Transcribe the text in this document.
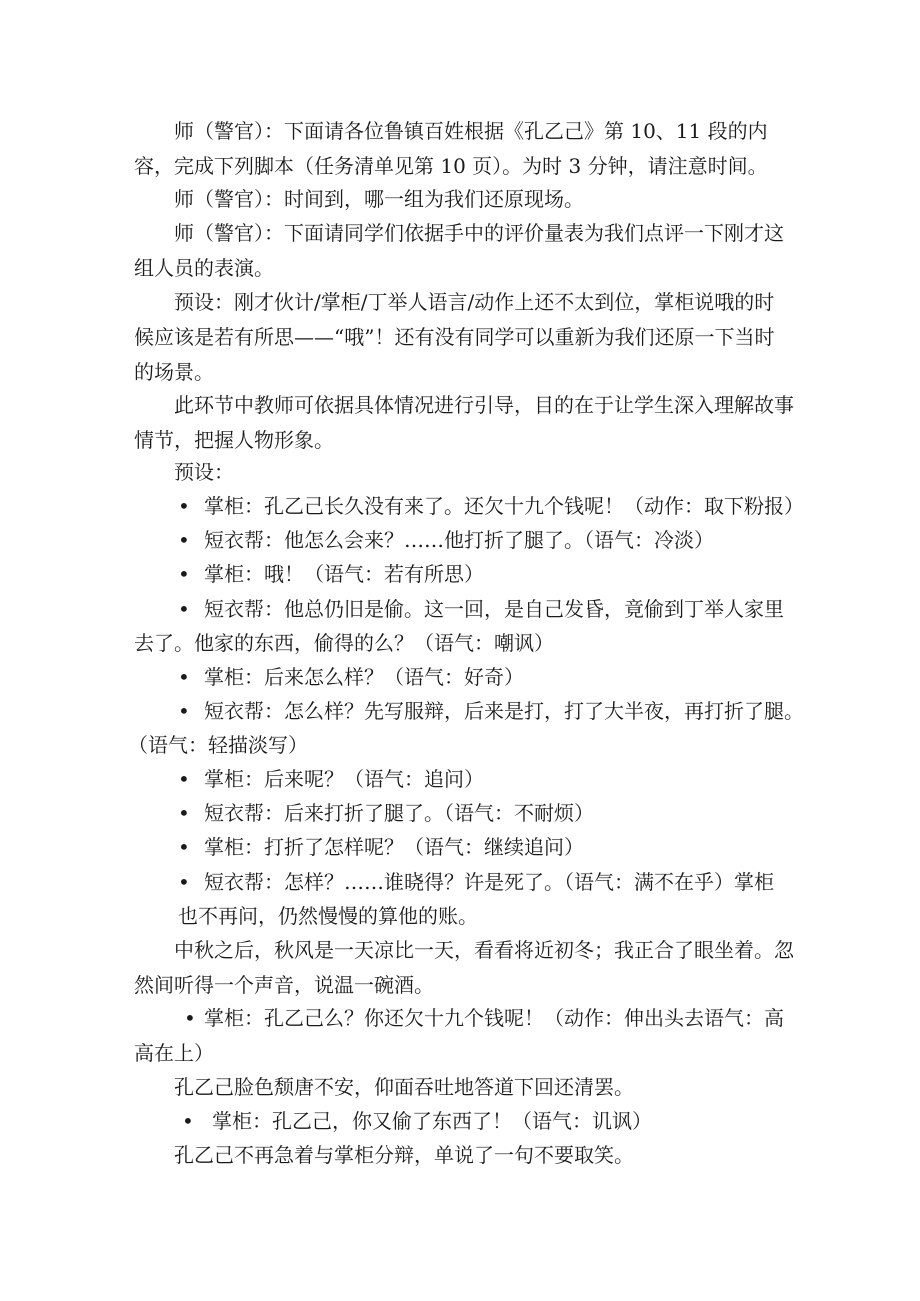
师（警官）：下面请各位鲁镇百姓根据《孔乙己》第 10、11 段的内容，完成下列脚本（任务清单见第 10 页）。为时 3 分钟，请注意时间。

师（警官）：时间到，哪一组为我们还原现场。

师（警官）：下面请同学们依据手中的评价量表为我们点评一下刚才这组人员的表演。

预设：刚才伙计/掌柜/丁举人语言/动作上还不太到位，掌柜说哦的时候应该是若有所思——“哦”！还有没有同学可以重新为我们还原一下当时的场景。

此环节中教师可依据具体情况进行引导，目的在于让学生深入理解故事情节，把握人物形象。

预设：

• 掌柜：孔乙己长久没有来了。还欠十九个钱呢！（动作：取下粉报）
• 短衣帮：他怎么会来？……他打折了腿了。（语气：冷淡）
• 掌柜：哦！（语气：若有所思）
• 短衣帮：他总仍旧是偷。这一回，是自己发昏，竟偷到丁举人家里
去了。他家的东西，偷得的么？（语气：嘲讽）
• 掌柜：后来怎么样？（语气：好奇）
• 短衣帮：怎么样？先写服辩，后来是打，打了大半夜，再打折了腿。
（语气：轻描淡写）
• 掌柜：后来呢？（语气：追问）
• 短衣帮：后来打折了腿了。（语气：不耐烦）
• 掌柜：打折了怎样呢？（语气：继续追问）
• 短衣帮：怎样？……谁晓得？许是死了。（语气：满不在乎）掌柜
也不再问，仍然慢慢的算他的账。

中秋之后，秋风是一天凉比一天，看看将近初冬；我正合了眼坐着。忽然间听得一个声音，说温一碗酒。

• 掌柜：孔乙己么？你还欠十九个钱呢！（动作：伸出头去语气：高
高在上）

孔乙己脸色颓唐不安，仰面吞吐地答道下回还清罢。

• 掌柜：孔乙己，你又偷了东西了！（语气：讥讽）

孔乙己不再急着与掌柜分辩，单说了一句不要取笑。
